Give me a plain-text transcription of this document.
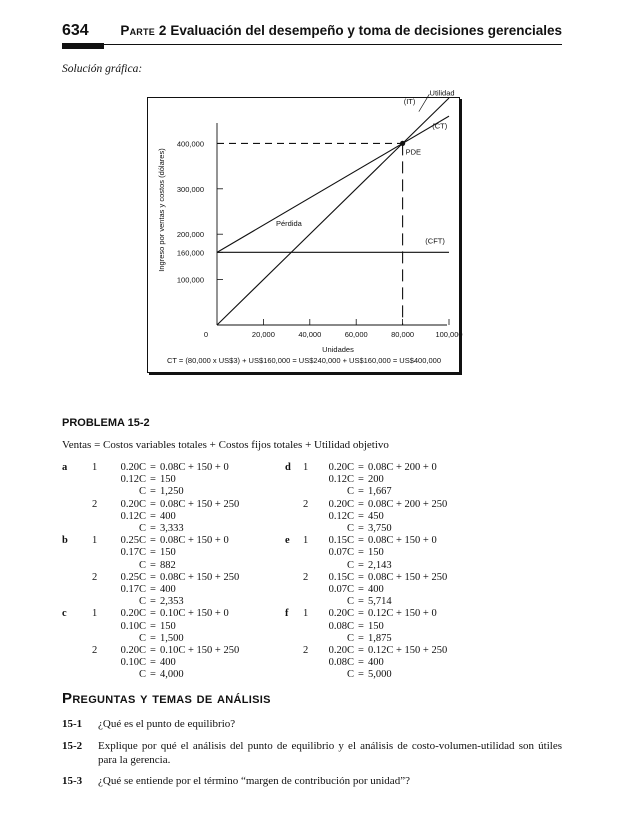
634 Parte 2 Evaluación del desempeño y toma de decisiones gerenciales
Solución gráfica:
0	20,000	40,000	60,000	80,000	100,000
100,000
160,000
200,000
300,000
400,000
Ingreso por ventas y costos (dólares)
Unidades
(IT)
(CT)
(CFT)
Utilidad
Pérdida
PDE
CT = (80,000 x US$3) + US$160,000 = US$240,000 + US$160,000 = US$400,000
PROBLEMA 15-2
Ventas = Costos variables totales + Costos fijos totales + Utilidad objetivo
a 1	0.20C = 0.08C + 150 + 0
0.12C = 150
C = 1,250
2	0.20C = 0.08C + 150 + 250
0.12C = 400
C = 3,333
b 1	0.25C = 0.08C + 150 + 0
0.17C = 150
C = 882
2	0.25C = 0.08C + 150 + 250
0.17C = 400
C = 2,353
c 1	0.20C = 0.10C + 150 + 0
0.10C = 150
C = 1,500
2	0.20C = 0.10C + 150 + 250
0.10C = 400
C = 4,000
d 1	0.20C = 0.08C + 200 + 0
0.12C = 200
C = 1,667
2	0.20C = 0.08C + 200 + 250
0.12C = 450
C = 3,750
e 1	0.15C = 0.08C + 150 + 0
0.07C = 150
C = 2,143
2	0.15C = 0.08C + 150 + 250
0.07C = 400
C = 5,714
f 1	0.20C = 0.12C + 150 + 0
0.08C = 150
C = 1,875
2	0.20C = 0.12C + 150 + 250
0.08C = 400
C = 5,000
Preguntas y temas de análisis
15-1 ¿Qué es el punto de equilibrio?
15-2 Explique por qué el análisis del punto de equilibrio y el análisis de costo-volumen-utilidad son útiles para la gerencia.
15-3 ¿Qué se entiende por el término “margen de contribución por unidad”?
